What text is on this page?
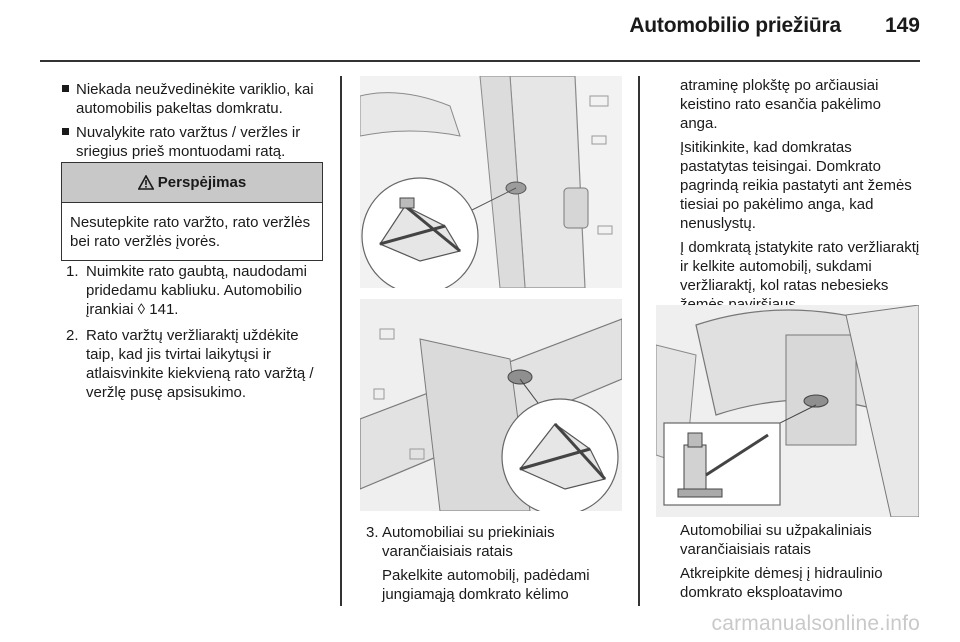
Automobilio priežiūra 149
Niekada neužvedinėkite variklio, kai automobilis pakeltas domkratu.
Nuvalykite rato varžtus / veržles ir sriegius prieš montuodami ratą.
Perspėjimas
Nesutepkite rato varžto, rato veržlės bei rato veržlės įvorės.
1. Nuimkite rato gaubtą, naudodami pridedamu kabliuku. Automobilio įrankiai ◊ 141.
2. Rato varžtų veržliaraktį uždėkite taip, kad jis tvirtai laikytųsi ir atlaisvinkite kiekvieną rato varžtą / veržlę pusę apsisukimo.
3. Automobiliai su priekiniais varančiaisiais ratais
Pakelkite automobilį, padėdami jungiamąją domkrato kėlimo

atraminę plokštę po arčiausiai keistino rato esančia pakėlimo anga.

Įsitikinkite, kad domkratas pastatytas teisingai. Domkrato pagrindą reikia pastatyti ant žemės tiesiai po pakėlimo anga, kad nenuslystų.

Į domkratą įstatykite rato veržliaraktį ir kelkite automobilį, sukdami veržliaraktį, kol ratas nebesieks

Automobiliai su užpakaliniais varančiaisiais ratais

Atkreipkite dėmesį į hidraulinio domkrato eksploatavimo

carmanualsonline.info
